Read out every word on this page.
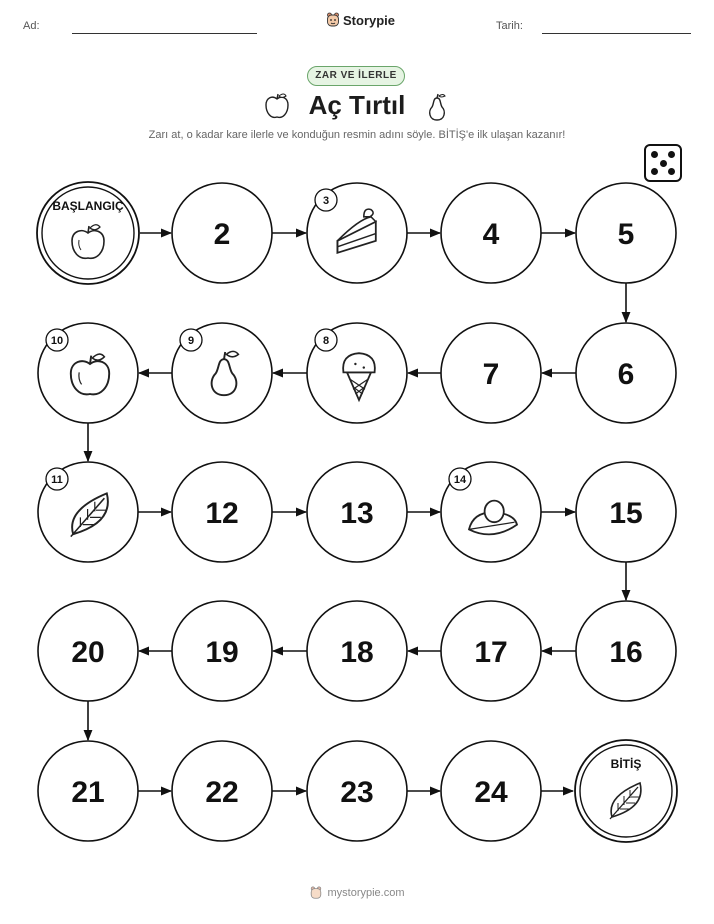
Ad:	Storypie	Tarih:
ZAR VE İLERLE
Aç Tırtıl
Zarı at, o kadar kare ilerle ve konduğun resmin adını söyle. BİTİŞ'e ilk ulaşan kazanır!
BAŞLANGIÇ
2
3
4	5
6
7
8
9
10
11
12	13
14
15
16
17
18
19
20
21	22	23	24
BİTİŞ
mystorypie.com
